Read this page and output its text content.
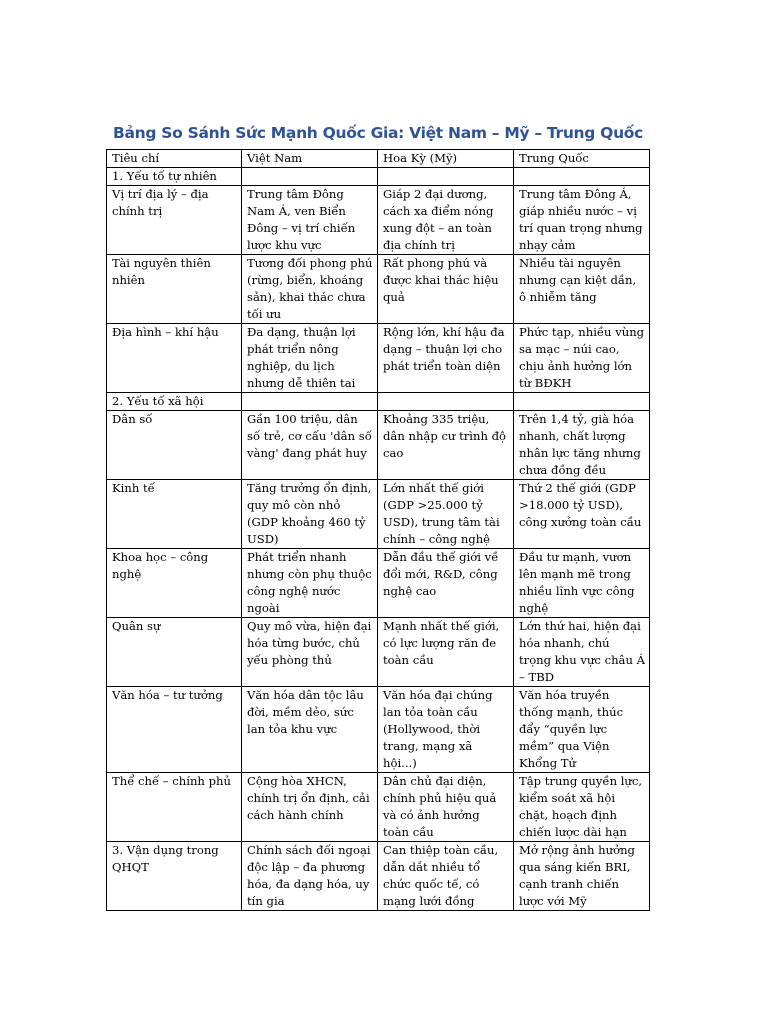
Bảng So Sánh Sức Mạnh Quốc Gia: Việt Nam – Mỹ – Trung Quốc
Tiêu chí	Việt Nam	Hoa Kỳ (Mỹ)	Trung Quốc
1. Yếu tố tự nhiên			
Vị trí địa lý – địa chính trị	Trung tâm Đông Nam Á, ven Biển Đông – vị trí chiến lược khu vực	Giáp 2 đại dương, cách xa điểm nóng xung đột – an toàn địa chính trị	Trung tâm Đông Á, giáp nhiều nước – vị trí quan trọng nhưng nhạy cảm
Tài nguyên thiên nhiên	Tương đối phong phú (rừng, biển, khoáng sản), khai thác chưa tối ưu	Rất phong phú và được khai thác hiệu quả	Nhiều tài nguyên nhưng cạn kiệt dần, ô nhiễm tăng
Địa hình – khí hậu	Đa dạng, thuận lợi phát triển nông nghiệp, du lịch nhưng dễ thiên tai	Rộng lớn, khí hậu đa dạng – thuận lợi cho phát triển toàn diện	Phức tạp, nhiều vùng sa mạc – núi cao, chịu ảnh hưởng lớn từ BĐKH
2. Yếu tố xã hội			
Dân số	Gần 100 triệu, dân số trẻ, cơ cấu 'dân số vàng' đang phát huy	Khoảng 335 triệu, dân nhập cư trình độ cao	Trên 1,4 tỷ, già hóa nhanh, chất lượng nhân lực tăng nhưng chưa đồng đều
Kinh tế	Tăng trưởng ổn định, quy mô còn nhỏ (GDP khoảng 460 tỷ USD)	Lớn nhất thế giới (GDP >25.000 tỷ USD), trung tâm tài chính – công nghệ	Thứ 2 thế giới (GDP >18.000 tỷ USD), công xưởng toàn cầu
Khoa học – công nghệ	Phát triển nhanh nhưng còn phụ thuộc công nghệ nước ngoài	Dẫn đầu thế giới về đổi mới, R&D, công nghệ cao	Đầu tư mạnh, vươn lên mạnh mẽ trong nhiều lĩnh vực công nghệ
Quân sự	Quy mô vừa, hiện đại hóa từng bước, chủ yếu phòng thủ	Mạnh nhất thế giới, có lực lượng răn đe toàn cầu	Lớn thứ hai, hiện đại hóa nhanh, chú trọng khu vực châu Á – TBD
Văn hóa – tư tưởng	Văn hóa dân tộc lâu đời, mềm dẻo, sức lan tỏa khu vực	Văn hóa đại chúng lan tỏa toàn cầu (Hollywood, thời trang, mạng xã hội...)	Văn hóa truyền thống mạnh, thúc đẩy “quyền lực mềm” qua Viện Khổng Tử
Thể chế – chính phủ	Cộng hòa XHCN, chính trị ổn định, cải cách hành chính	Dân chủ đại diện, chính phủ hiệu quả và có ảnh hưởng toàn cầu	Tập trung quyền lực, kiểm soát xã hội chặt, hoạch định chiến lược dài hạn
3. Vận dụng trong QHQT	Chính sách đối ngoại độc lập – đa phương hóa, đa dạng hóa, uy tín gia	Can thiệp toàn cầu, dẫn dắt nhiều tổ chức quốc tế, có mạng lưới đồng	Mở rộng ảnh hưởng qua sáng kiến BRI, cạnh tranh chiến lược với Mỹ
